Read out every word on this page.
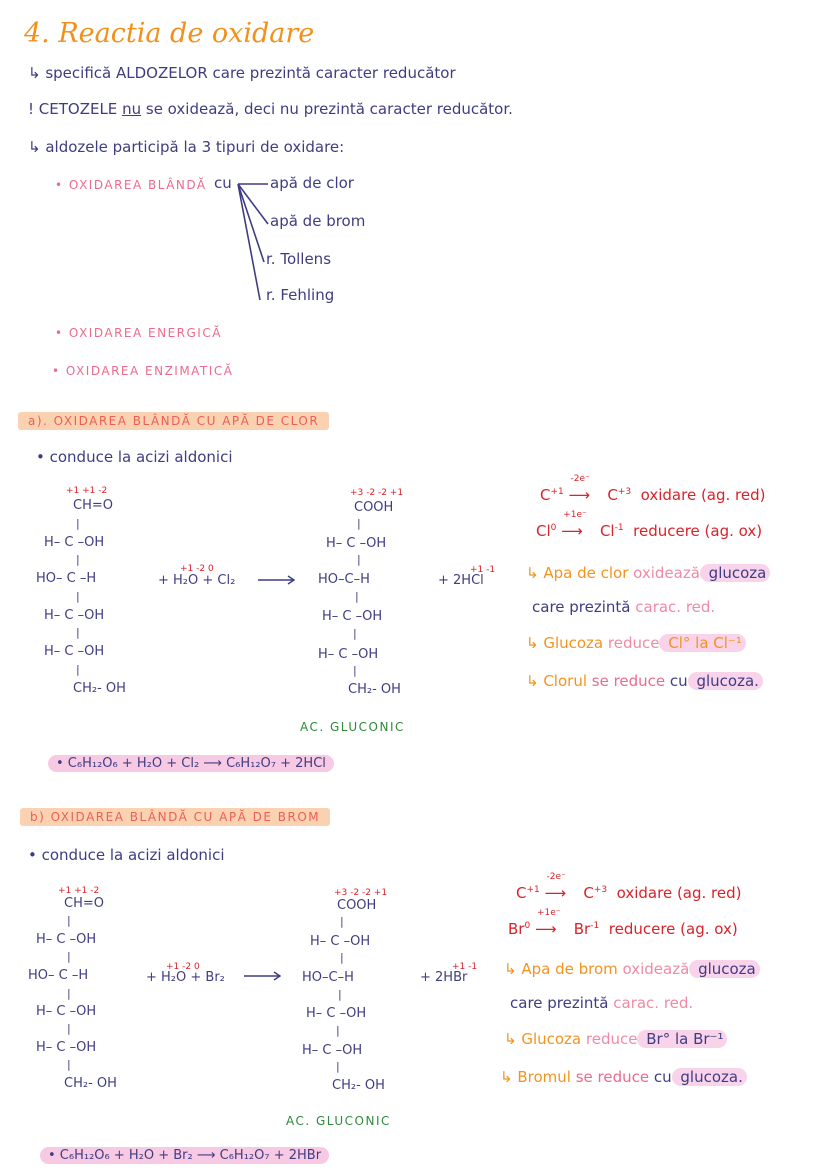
4. Reactia de oxidare
↳ specifică ALDOZELOR care prezintă caracter reducător
! CETOZELE nu se oxidează, deci nu prezintă caracter reducător.
↳ aldozele participă la 3 tipuri de oxidare:
• OXIDAREA BLÂNDĂ cu	apă de clor
apă de brom
r. Tollens
r. Fehling
• OXIDAREA ENERGICĂ
• OXIDAREA ENZIMATICĂ
a). OXIDAREA BLÂNDĂ CU APĂ DE CLOR
• conduce la acizi aldonici
+1 +1 -2
CH=O
|
H– C –OH
|
HO– C –H
|
H– C –OH
|
H– C –OH
|
CH₂- OH
+1 -2 0
+ H₂O + Cl₂ →
+3 -2 -2 +1
COOH
|
H– C –OH
|
HO–C–H
|
H– C –OH
|
H– C –OH
|
CH₂- OH
+1 -1
+ 2HCl
AC. GLUCONIC
$C^{+1}$
-2e⁻
⟶ $C^{+3}$ oxidare (ag. red)
Cl$^0$
+1e⁻
⟶ $Cl^{-1}$ reducere (ag. ox)
↳ Apa de clor oxidează glucoza
care prezintă carac. red.
↳ Glucoza reduce Cl° la Cl⁻¹
↳ Clorul se reduce cu glucoza.
• C₆H₁₂O₆ + H₂O + Cl₂ ⟶ C₆H₁₂O₇ + 2HCl
b) OXIDAREA BLÂNDĂ CU APĂ DE BROM
• conduce la acizi aldonici
+1 +1 -2
CH=O
|
H– C –OH
|
HO– C –H
|
H– C –OH
|
H– C –OH
|
CH₂- OH
+1 -2 0
+ H₂O + Br₂ →
+3 -2 -2 +1
COOH
|
H– C –OH
|
HO–C–H
|
H– C –OH
|
H– C –OH
|
CH₂- OH
+1 -1
+ 2HBr
AC. GLUCONIC
$C^{+1}$
-2e⁻
⟶ $C^{+3}$ oxidare (ag. red)
Br$^0$
+1e⁻
⟶ $Br^{-1}$ reducere (ag. ox)
↳ Apa de brom oxidează glucoza
care prezintă carac. red.
↳ Glucoza reduce Br° la Br⁻¹
↳ Bromul se reduce cu glucoza.
• C₆H₁₂O₆ + H₂O + Br₂ ⟶ C₆H₁₂O₇ + 2HBr
